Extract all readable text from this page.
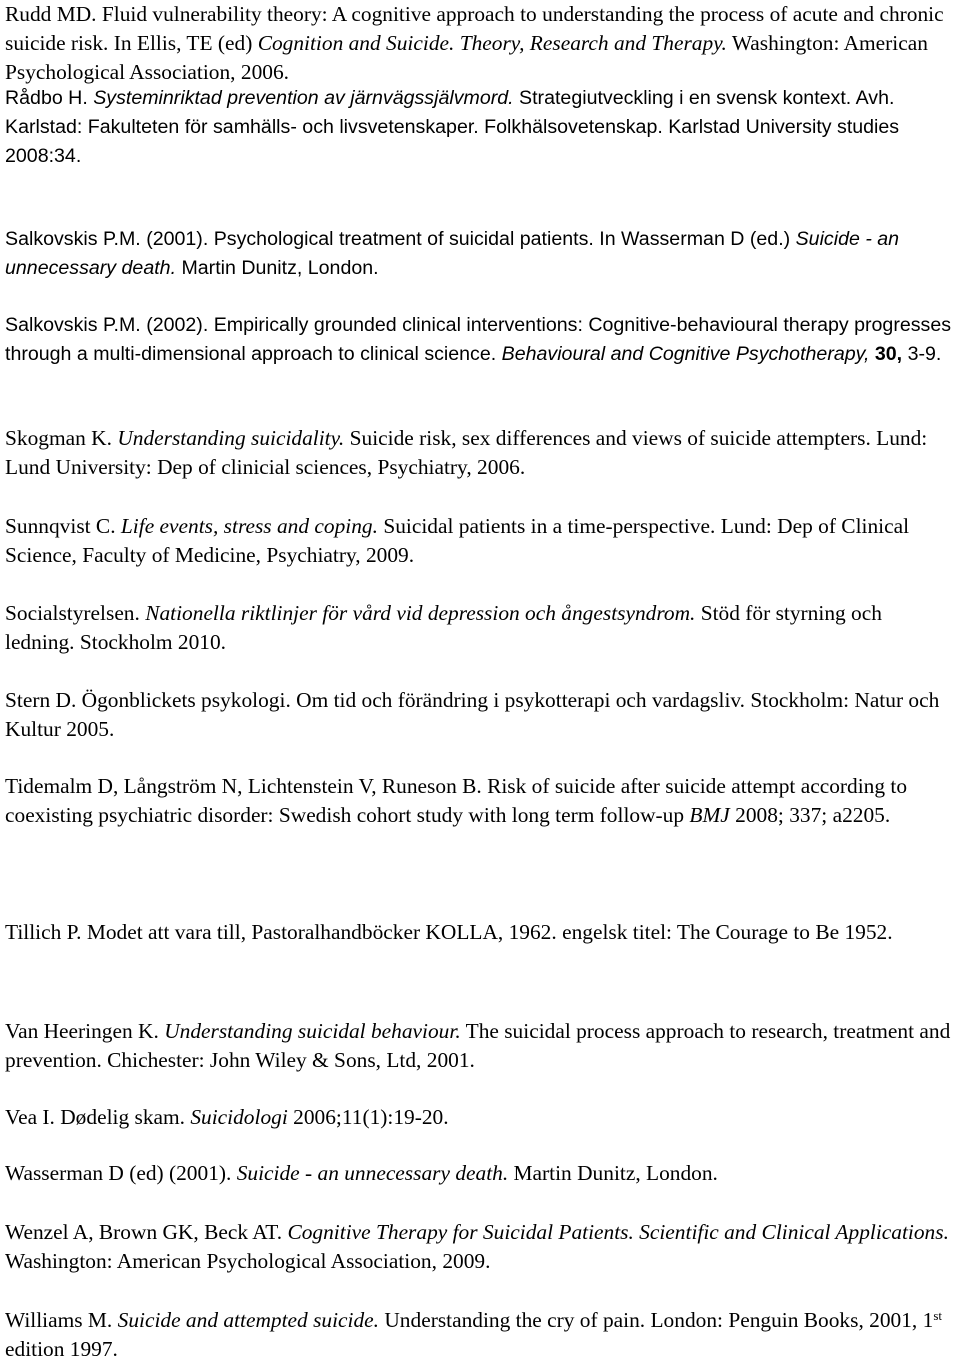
Rudd MD. Fluid vulnerability theory: A cognitive approach to understanding the process of acute and chronic suicide risk. In Ellis, TE (ed) Cognition and Suicide. Theory, Research and Therapy. Washington: American Psychological Association, 2006.

Rådbo H. Systeminriktad prevention av järnvägssjälvmord. Strategiutveckling i en svensk kontext. Avh. Karlstad: Fakulteten för samhälls- och livsvetenskaper. Folkhälsovetenskap. Karlstad University studies 2008:34.

Salkovskis P.M. (2001). Psychological treatment of suicidal patients. In Wasserman D (ed.) Suicide - an unnecessary death. Martin Dunitz, London.

Salkovskis P.M. (2002). Empirically grounded clinical interventions: Cognitive-behavioural therapy progresses through a multi-dimensional approach to clinical science. Behavioural and Cognitive Psychotherapy, 30, 3-9.

Skogman K. Understanding suicidality. Suicide risk, sex differences and views of suicide attempters. Lund: Lund University: Dep of clinicial sciences, Psychiatry, 2006.

Sunnqvist C. Life events, stress and coping. Suicidal patients in a time-perspective. Lund: Dep of Clinical Science, Faculty of Medicine, Psychiatry, 2009.

Socialstyrelsen. Nationella riktlinjer för vård vid depression och ångestsyndrom. Stöd för styrning och ledning. Stockholm 2010.

Stern D. Ögonblickets psykologi. Om tid och förändring i psykotterapi och vardagsliv. Stockholm: Natur och Kultur 2005.

Tidemalm D, Långström N, Lichtenstein V, Runeson B. Risk of suicide after suicide attempt according to coexisting psychiatric disorder: Swedish cohort study with long term follow-up BMJ 2008; 337; a2205.

Tillich P. Modet att vara till, Pastoralhandböcker KOLLA, 1962. engelsk titel: The Courage to Be 1952.

Van Heeringen K. Understanding suicidal behaviour. The suicidal process approach to research, treatment and prevention. Chichester: John Wiley & Sons, Ltd, 2001.

Vea I. Dødelig skam. Suicidologi 2006;11(1):19-20.

Wasserman D (ed) (2001). Suicide - an unnecessary death. Martin Dunitz, London.

Wenzel A, Brown GK, Beck AT. Cognitive Therapy for Suicidal Patients. Scientific and Clinical Applications. Washington: American Psychological Association, 2009.

Williams M. Suicide and attempted suicide. Understanding the cry of pain. London: Penguin Books, 2001, 1st edition 1997.
